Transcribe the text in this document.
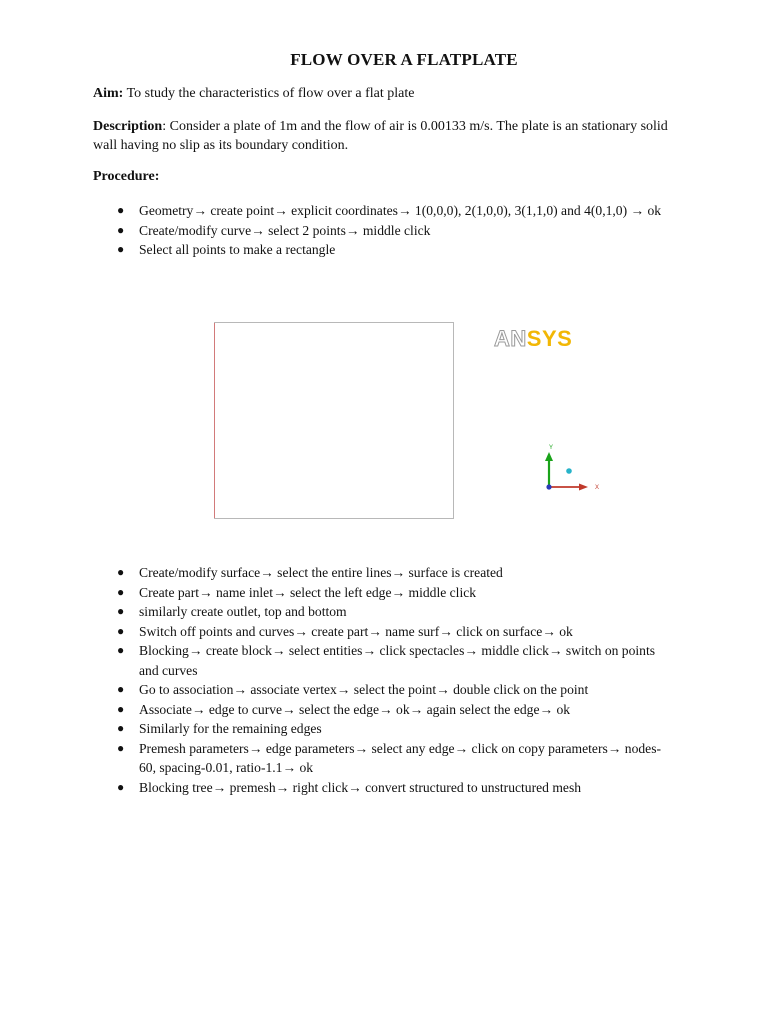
FLOW OVER A FLATPLATE
Aim: To study the characteristics of flow over a flat plate
Description: Consider a plate of 1m and the flow of air is 0.00133 m/s. The plate is an stationary solid wall having no slip as its boundary condition.
Procedure:
● Geometry→ create point→ explicit coordinates→ 1(0,0,0), 2(1,0,0), 3(1,1,0) and 4(0,1,0) → ok
● Create/modify curve→ select 2 points→ middle click
● Select all points to make a rectangle
ANSYS
Y
X
● Create/modify surface→ select the entire lines→ surface is created
● Create part→ name inlet→ select the left edge→ middle click
● similarly create outlet, top and bottom
● Switch off points and curves→ create part→ name surf→ click on surface→ ok
● Blocking→ create block→ select entities→ click spectacles→ middle click→ switch on points and curves
● Go to association→ associate vertex→ select the point→ double click on the point
● Associate→ edge to curve→ select the edge→ ok→ again select the edge→ ok
● Similarly for the remaining edges
● Premesh parameters→ edge parameters→ select any edge→ click on copy parameters→ nodes-60, spacing-0.01, ratio-1.1→ ok
● Blocking tree→ premesh→ right click→ convert structured to unstructured mesh
